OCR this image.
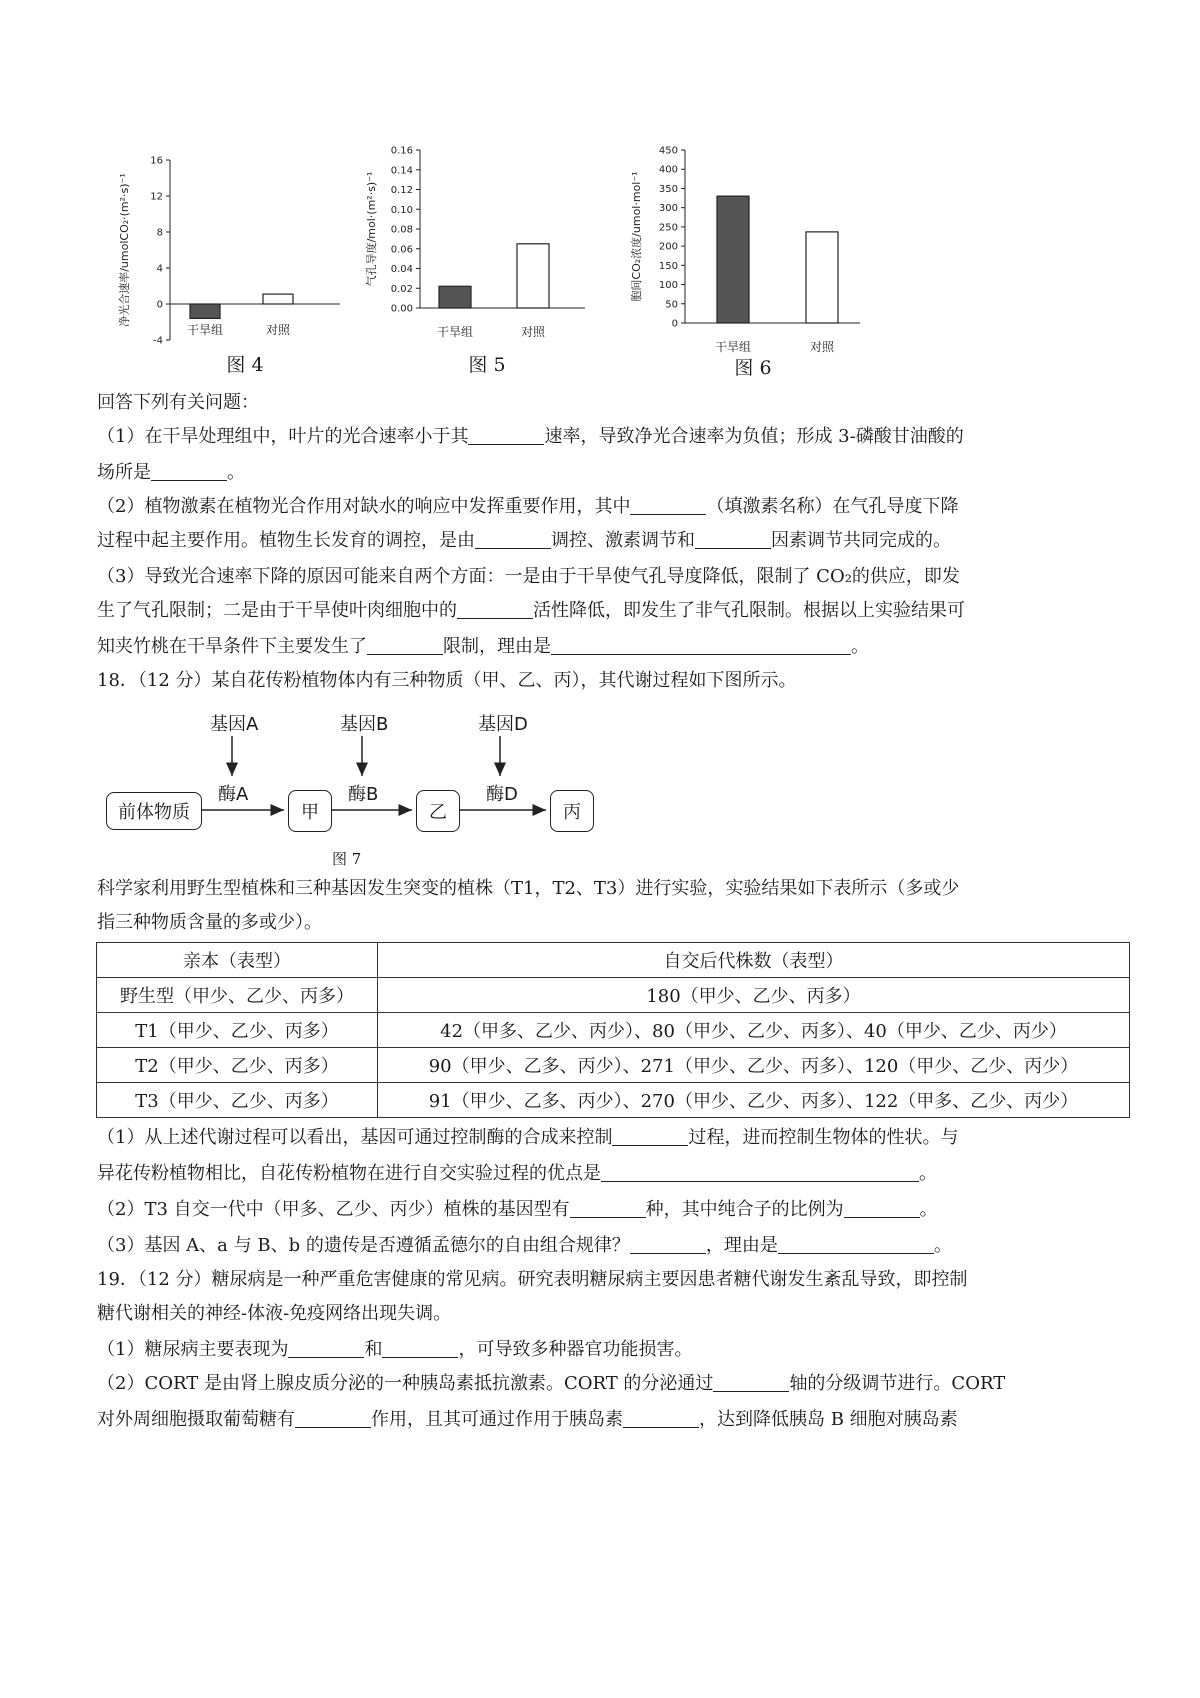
16
12
8
4
0
-4
干旱组	对照
净光合速率/umolCO₂·(m²·s)⁻¹
图 4
0.16
0.14
0.12
0.10
0.08
0.06
0.04
0.02
0.00
干旱组	对照
气孔导度/mol·(m²·s)⁻¹
图 5
450
400
350
300
250
200
150
100
50
0
干旱组	对照
胞间CO₂浓度/umol·mol⁻¹
图 6
回答下列有关问题：
（1）在干旱处理组中，叶片的光合速率小于其	速率，导致净光合速率为负值；形成 3-磷酸甘油酸的
场所是	。
（2）植物激素在植物光合作用对缺水的响应中发挥重要作用，其中	（填激素名称）在气孔导度下降
过程中起主要作用。植物生长发育的调控，是由	调控、激素调节和	因素调节共同完成的。
（3）导致光合速率下降的原因可能来自两个方面：一是由于干旱使气孔导度降低，限制了 CO₂的供应，即发
生了气孔限制；二是由于干旱使叶肉细胞中的	活性降低，即发生了非气孔限制。根据以上实验结果可
知夹竹桃在干旱条件下主要发生了	限制，理由是	。
18．（12 分）某自花传粉植物体内有三种物质（甲、乙、丙），其代谢过程如下图所示。
基因A	基因B	基因D
酶A	酶B	酶D
前体物质	甲	乙	丙
图 7
科学家利用野生型植株和三种基因发生突变的植株（T1，T2、T3）进行实验，实验结果如下表所示（多或少
指三种物质含量的多或少）。
亲本（表型）	自交后代株数（表型）
野生型（甲少、乙少、丙多）	180（甲少、乙少、丙多）
T1（甲少、乙少、丙多）	42（甲多、乙少、丙少）、80（甲少、乙少、丙多）、40（甲少、乙少、丙少）
T2（甲少、乙少、丙多）	90（甲少、乙多、丙少）、271（甲少、乙少、丙多）、120（甲少、乙少、丙少）
T3（甲少、乙少、丙多）	91（甲少、乙多、丙少）、270（甲少、乙少、丙多）、122（甲多、乙少、丙少）
（1）从上述代谢过程可以看出，基因可通过控制酶的合成来控制	过程，进而控制生物体的性状。与
异花传粉植物相比，自花传粉植物在进行自交实验过程的优点是	。
（2）T3 自交一代中（甲多、乙少、丙少）植株的基因型有	种，其中纯合子的比例为	。
（3）基因 A、a 与 B、b 的遗传是否遵循孟德尔的自由组合规律？	，理由是	。
19．（12 分）糖尿病是一种严重危害健康的常见病。研究表明糖尿病主要因患者糖代谢发生紊乱导致，即控制
糖代谢相关的神经-体液-免疫网络出现失调。
（1）糖尿病主要表现为	和	，可导致多种器官功能损害。
（2）CORT 是由肾上腺皮质分泌的一种胰岛素抵抗激素。CORT 的分泌通过	轴的分级调节进行。CORT
对外周细胞摄取葡萄糖有	作用，且其可通过作用于胰岛素	，达到降低胰岛 B 细胞对胰岛素
